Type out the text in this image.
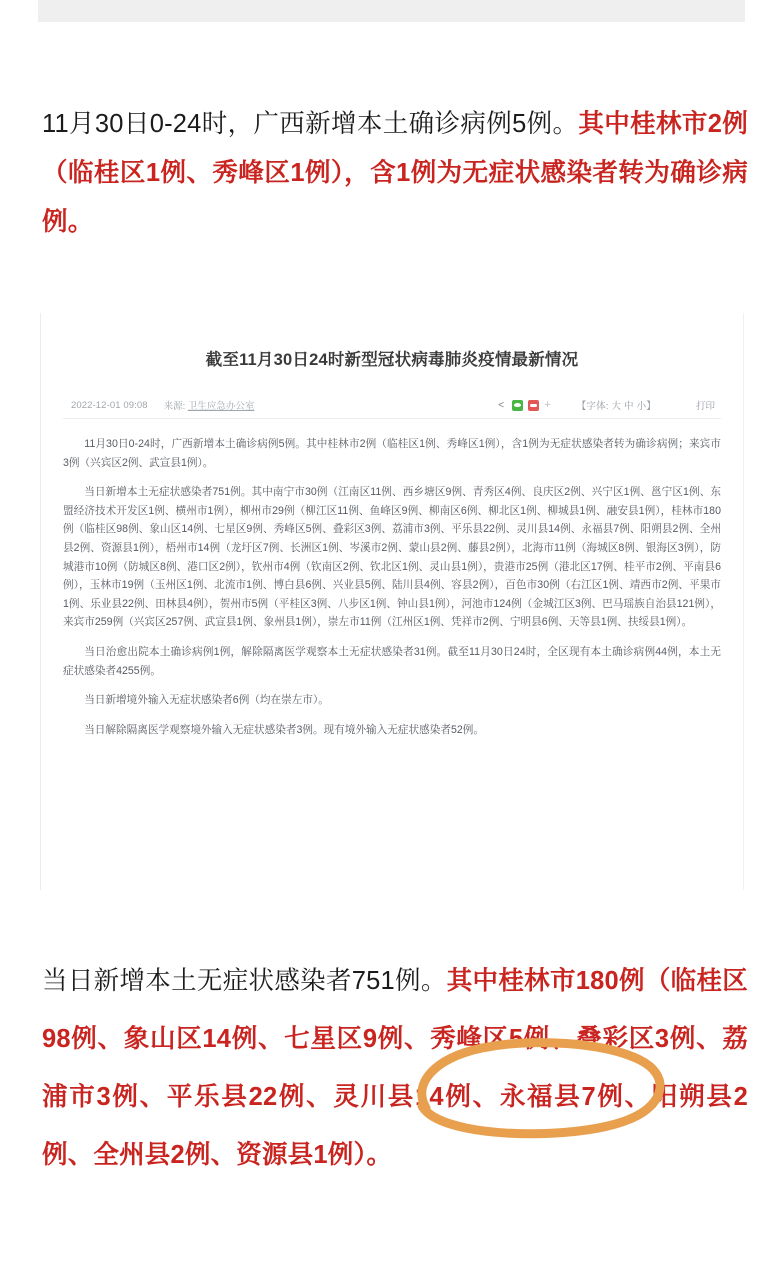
11月30日0-24时，广西新增本土确诊病例5例。其中桂林市2例（临桂区1例、秀峰区1例），含1例为无症状感染者转为确诊病例。

截至11月30日24时新型冠状病毒肺炎疫情最新情况
2022-12-01 09:08 来源: 卫生应急办公室	<	+	【字体: 大 中 小】	打印

11月30日0-24时，广西新增本土确诊病例5例。其中桂林市2例（临桂区1例、秀峰区1例），含1例为无症状感染者转为确诊病例；来宾市3例（兴宾区2例、武宣县1例）。

当日新增本土无症状感染者751例。其中南宁市30例（江南区11例、西乡塘区9例、青秀区4例、良庆区2例、兴宁区1例、邕宁区1例、东盟经济技术开发区1例、横州市1例），柳州市29例（柳江区11例、鱼峰区9例、柳南区6例、柳北区1例、柳城县1例、融安县1例），桂林市180例（临桂区98例、象山区14例、七星区9例、秀峰区5例、叠彩区3例、荔浦市3例、平乐县22例、灵川县14例、永福县7例、阳朔县2例、全州县2例、资源县1例），梧州市14例（龙圩区7例、长洲区1例、岑溪市2例、蒙山县2例、藤县2例），北海市11例（海城区8例、银海区3例），防城港市10例（防城区8例、港口区2例），钦州市4例（钦南区2例、钦北区1例、灵山县1例），贵港市25例（港北区17例、桂平市2例、平南县6例），玉林市19例（玉州区1例、北流市1例、博白县6例、兴业县5例、陆川县4例、容县2例），百色市30例（右江区1例、靖西市2例、平果市1例、乐业县22例、田林县4例），贺州市5例（平桂区3例、八步区1例、钟山县1例），河池市124例（金城江区3例、巴马瑶族自治县121例），来宾市259例（兴宾区257例、武宣县1例、象州县1例），崇左市11例（江州区1例、凭祥市2例、宁明县6例、天等县1例、扶绥县1例）。

当日治愈出院本土确诊病例1例，解除隔离医学观察本土无症状感染者31例。截至11月30日24时，全区现有本土确诊病例44例，本土无症状感染者4255例。

当日新增境外输入无症状感染者6例（均在崇左市）。

当日解除隔离医学观察境外输入无症状感染者3例。现有境外输入无症状感染者52例。

当日新增本土无症状感染者751例。其中桂林市180例（临桂区98例、象山区14例、七星区9例、秀峰区5例、叠彩区3例、荔浦市3例、平乐县22例、灵川县14例、永福县7例、阳朔县2例、全州县2例、资源县1例）。
